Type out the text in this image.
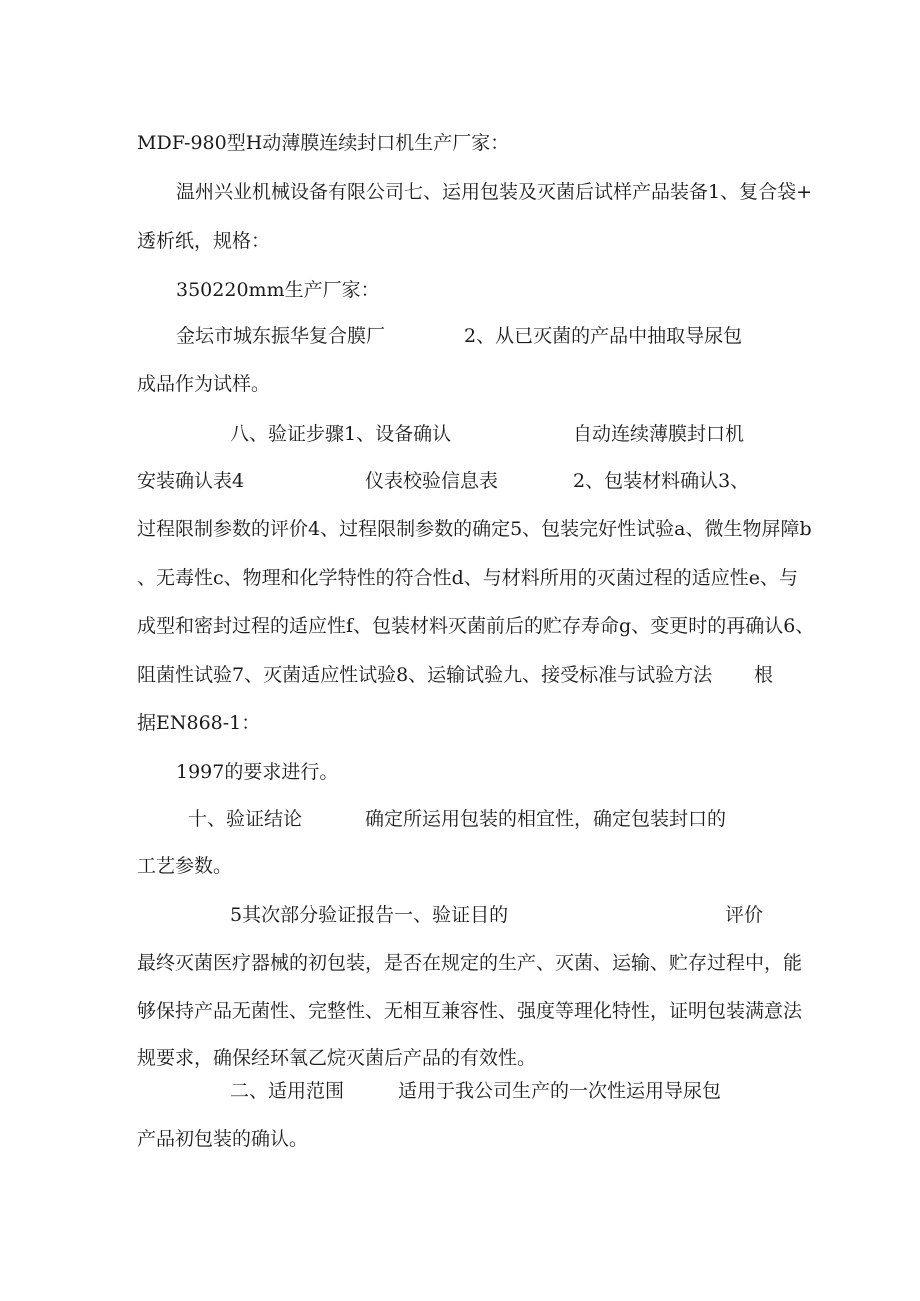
MDF-980型H动薄膜连续封口机生产厂家：
温州兴业机械设备有限公司七、运用包装及灭菌后试样产品装备1、复合袋+
透析纸，规格：
350220mm生产厂家：
金坛市城东振华复合膜厂	2、从已灭菌的产品中抽取导尿包
成品作为试样。
八、验证步骤1、设备确认	自动连续薄膜封口机
安装确认表4	仪表校验信息表	2、包装材料确认3、
过程限制参数的评价4、过程限制参数的确定5、包装完好性试验a、微生物屏障b
、无毒性c、物理和化学特性的符合性d、与材料所用的灭菌过程的适应性e、与
成型和密封过程的适应性f、包装材料灭菌前后的贮存寿命g、变更时的再确认6、
阻菌性试验7、灭菌适应性试验8、运输试验九、接受标准与试验方法 根
据EN868-1：
1997的要求进行。
十、验证结论	确定所运用包装的相宜性，确定包装封口的
工艺参数。
5其次部分验证报告一、验证目的	评价
最终灭菌医疗器械的初包装，是否在规定的生产、灭菌、运输、贮存过程中，能
够保持产品无菌性、完整性、无相互兼容性、强度等理化特性，证明包装满意法
规要求，确保经环氧乙烷灭菌后产品的有效性。
二、适用范围	适用于我公司生产的一次性运用导尿包
产品初包装的确认。
